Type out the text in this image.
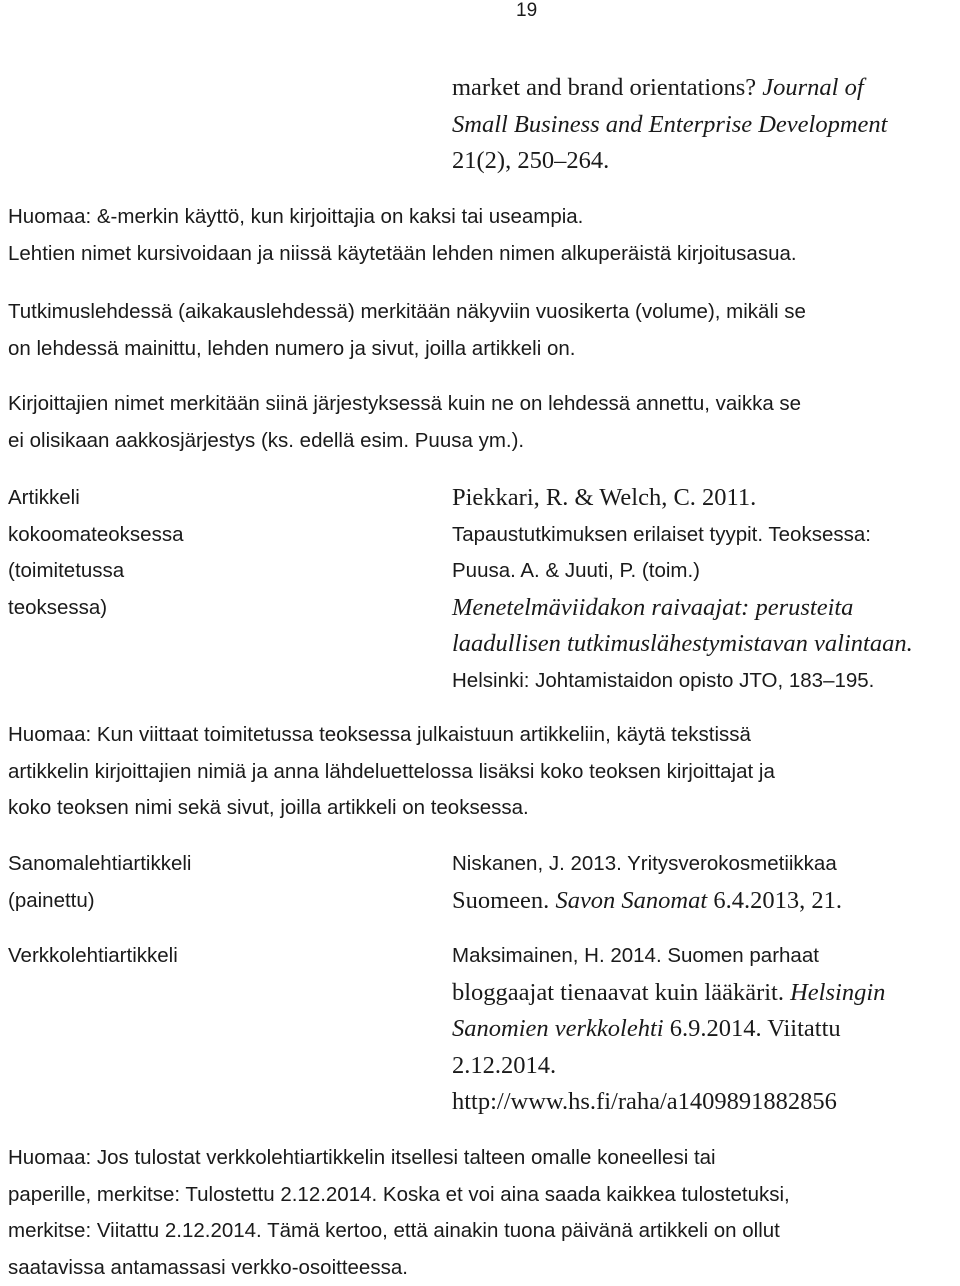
19
market and brand orientations? Journal of
Small Business and Enterprise Development
21(2), 250–264.
Huomaa: &-merkin käyttö, kun kirjoittajia on kaksi tai useampia.
Lehtien nimet kursivoidaan ja niissä käytetään lehden nimen alkuperäistä kirjoitusasua.
Tutkimuslehdessä (aikakauslehdessä) merkitään näkyviin vuosikerta (volume), mikäli se
on lehdessä mainittu, lehden numero ja sivut, joilla artikkeli on.
Kirjoittajien nimet merkitään siinä järjestyksessä kuin ne on lehdessä annettu, vaikka se
ei olisikaan aakkosjärjestys (ks. edellä esim. Puusa ym.).
Artikkeli
kokoomateoksessa
(toimitetussa
teoksessa)
Piekkari, R. & Welch, C. 2011.
Tapaustutkimuksen erilaiset tyypit. Teoksessa:
Puusa. A. & Juuti, P. (toim.)
Menetelmäviidakon raivaajat: perusteita
laadullisen tutkimuslähestymistavan valintaan.
Helsinki: Johtamistaidon opisto JTO, 183–195.
Huomaa: Kun viittaat toimitetussa teoksessa julkaistuun artikkeliin, käytä tekstissä
artikkelin kirjoittajien nimiä ja anna lähdeluettelossa lisäksi koko teoksen kirjoittajat ja
koko teoksen nimi sekä sivut, joilla artikkeli on teoksessa.
Sanomalehtiartikkeli
(painettu)
Niskanen, J. 2013. Yritysverokosmetiikkaa
Suomeen. Savon Sanomat 6.4.2013, 21.
Verkkolehtiartikkeli	Maksimainen, H. 2014. Suomen parhaat
bloggaajat tienaavat kuin lääkärit. Helsingin
Sanomien verkkolehti 6.9.2014. Viitattu
2.12.2014.
http://www.hs.fi/raha/a1409891882856
Huomaa: Jos tulostat verkkolehtiartikkelin itsellesi talteen omalle koneellesi tai
paperille, merkitse: Tulostettu 2.12.2014. Koska et voi aina saada kaikkea tulostetuksi,
merkitse: Viitattu 2.12.2014. Tämä kertoo, että ainakin tuona päivänä artikkeli on ollut
saatavissa antamassasi verkko-osoitteessa.
